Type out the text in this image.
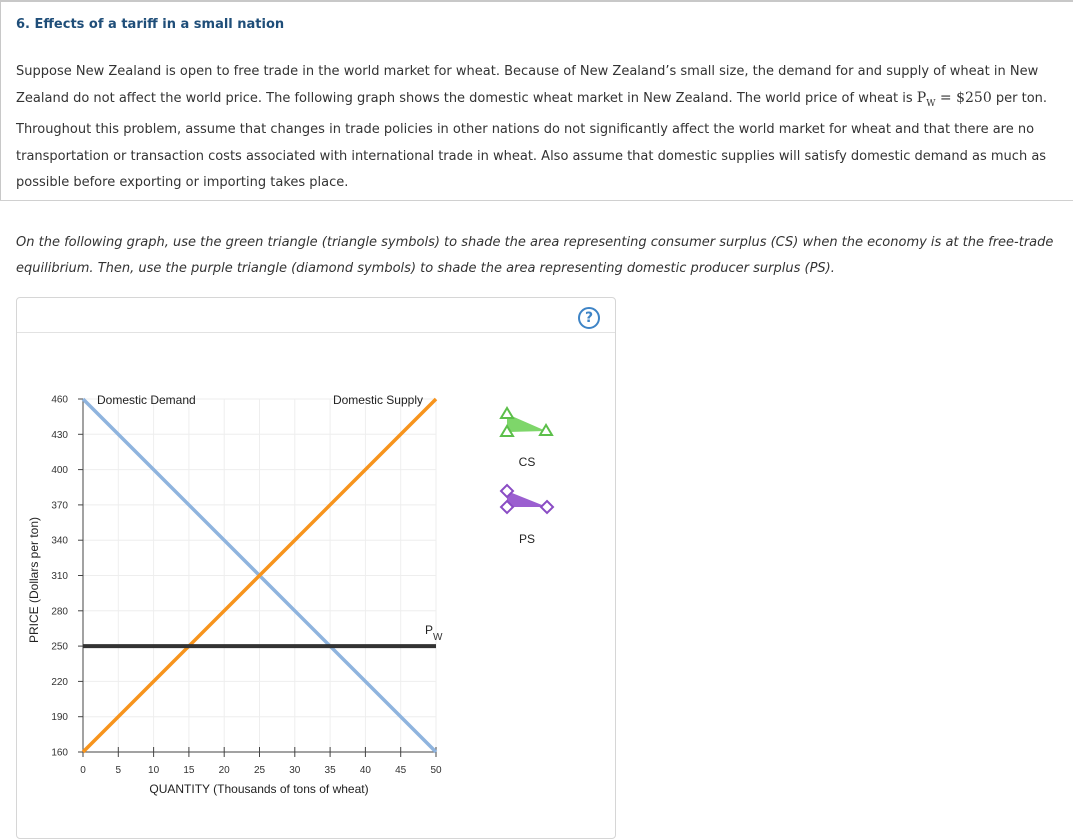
6. Effects of a tariff in a small nation
Suppose New Zealand is open to free trade in the world market for wheat. Because of New Zealand’s small size, the demand for and supply of wheat in New Zealand do not affect the world price. The following graph shows the domestic wheat market in New Zealand. The world price of wheat is $P_W$ = $250 per ton. Throughout this problem, assume that changes in trade policies in other nations do not significantly affect the world market for wheat and that there are no transportation or transaction costs associated with international trade in wheat. Also assume that domestic supplies will satisfy domestic demand as much as possible before exporting or importing takes place.
On the following graph, use the green triangle (triangle symbols) to shade the area representing consumer surplus (CS) when the economy is at the free-trade equilibrium. Then, use the purple triangle (diamond symbols) to shade the area representing domestic producer surplus (PS).
?
160
190
220
250
280
310
340
370
400
430
460
0	5	10 15 20 25 30 35 40 45 50
Domestic Demand	Domestic Supply
P
W
QUANTITY (Thousands of tons of wheat)
PRICE (Dollars per ton)
CS
PS
